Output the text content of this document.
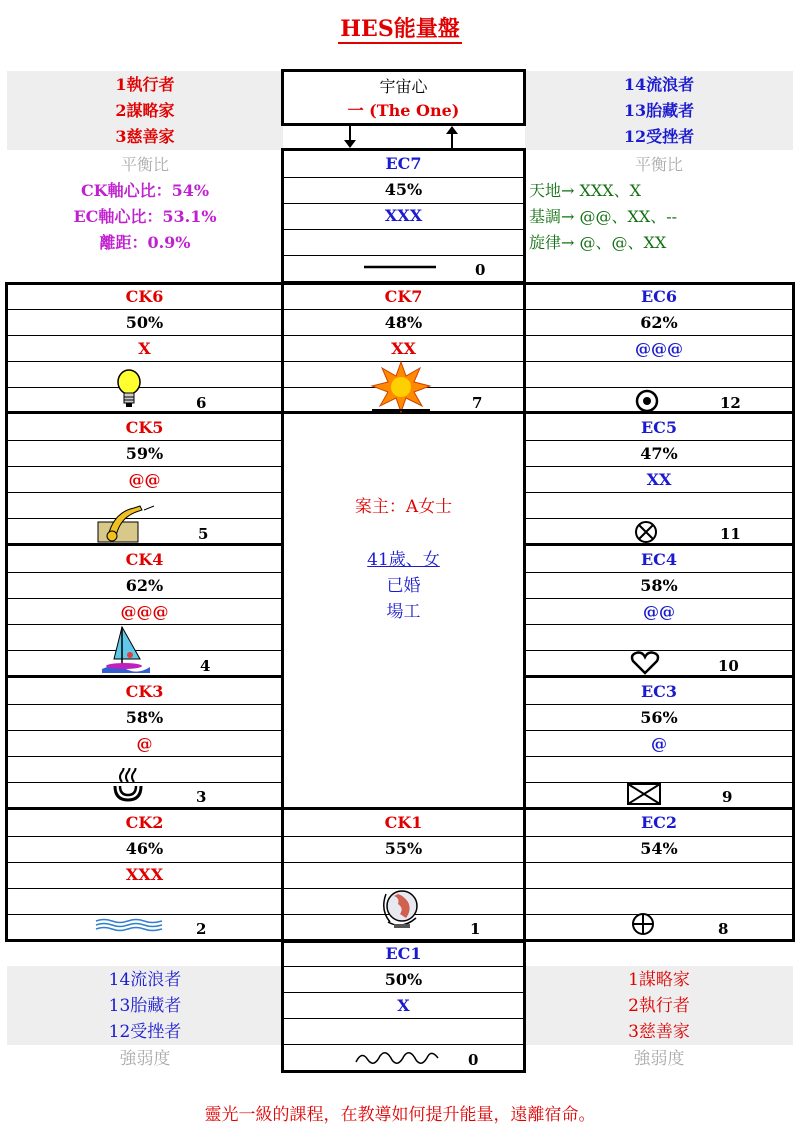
HES能量盤
1執行者
2謀略家
3慈善家
14流浪者
13胎藏者
12受挫者
宇宙心
一 (The One)
平衡比
CK軸心比：54%
EC軸心比：53.1%
離距：0.9%
平衡比
天地→ XXX、X
基調→ @@、XX、--
旋律→ @、@、XX
EC7
45%
XXX
0
CK6
50%
X
6
CK7
48%
XX
7
EC6
62%
@@@
12
CK5
59%
@@
5
案主：A女士
41歲、女
已婚
場工
EC5
47%
XX
11
CK4
62%
@@@
4
EC4
58%
@@
10
CK3
58%
@
3
EC3
56%
@
9
CK2
46%
XXX
2
CK1
55%
1
EC2
54%
8
EC1
50%
X
0
14流浪者
13胎藏者
12受挫者
強弱度
1謀略家
2執行者
3慈善家
強弱度
靈光一級的課程，在教導如何提升能量，遠離宿命。
